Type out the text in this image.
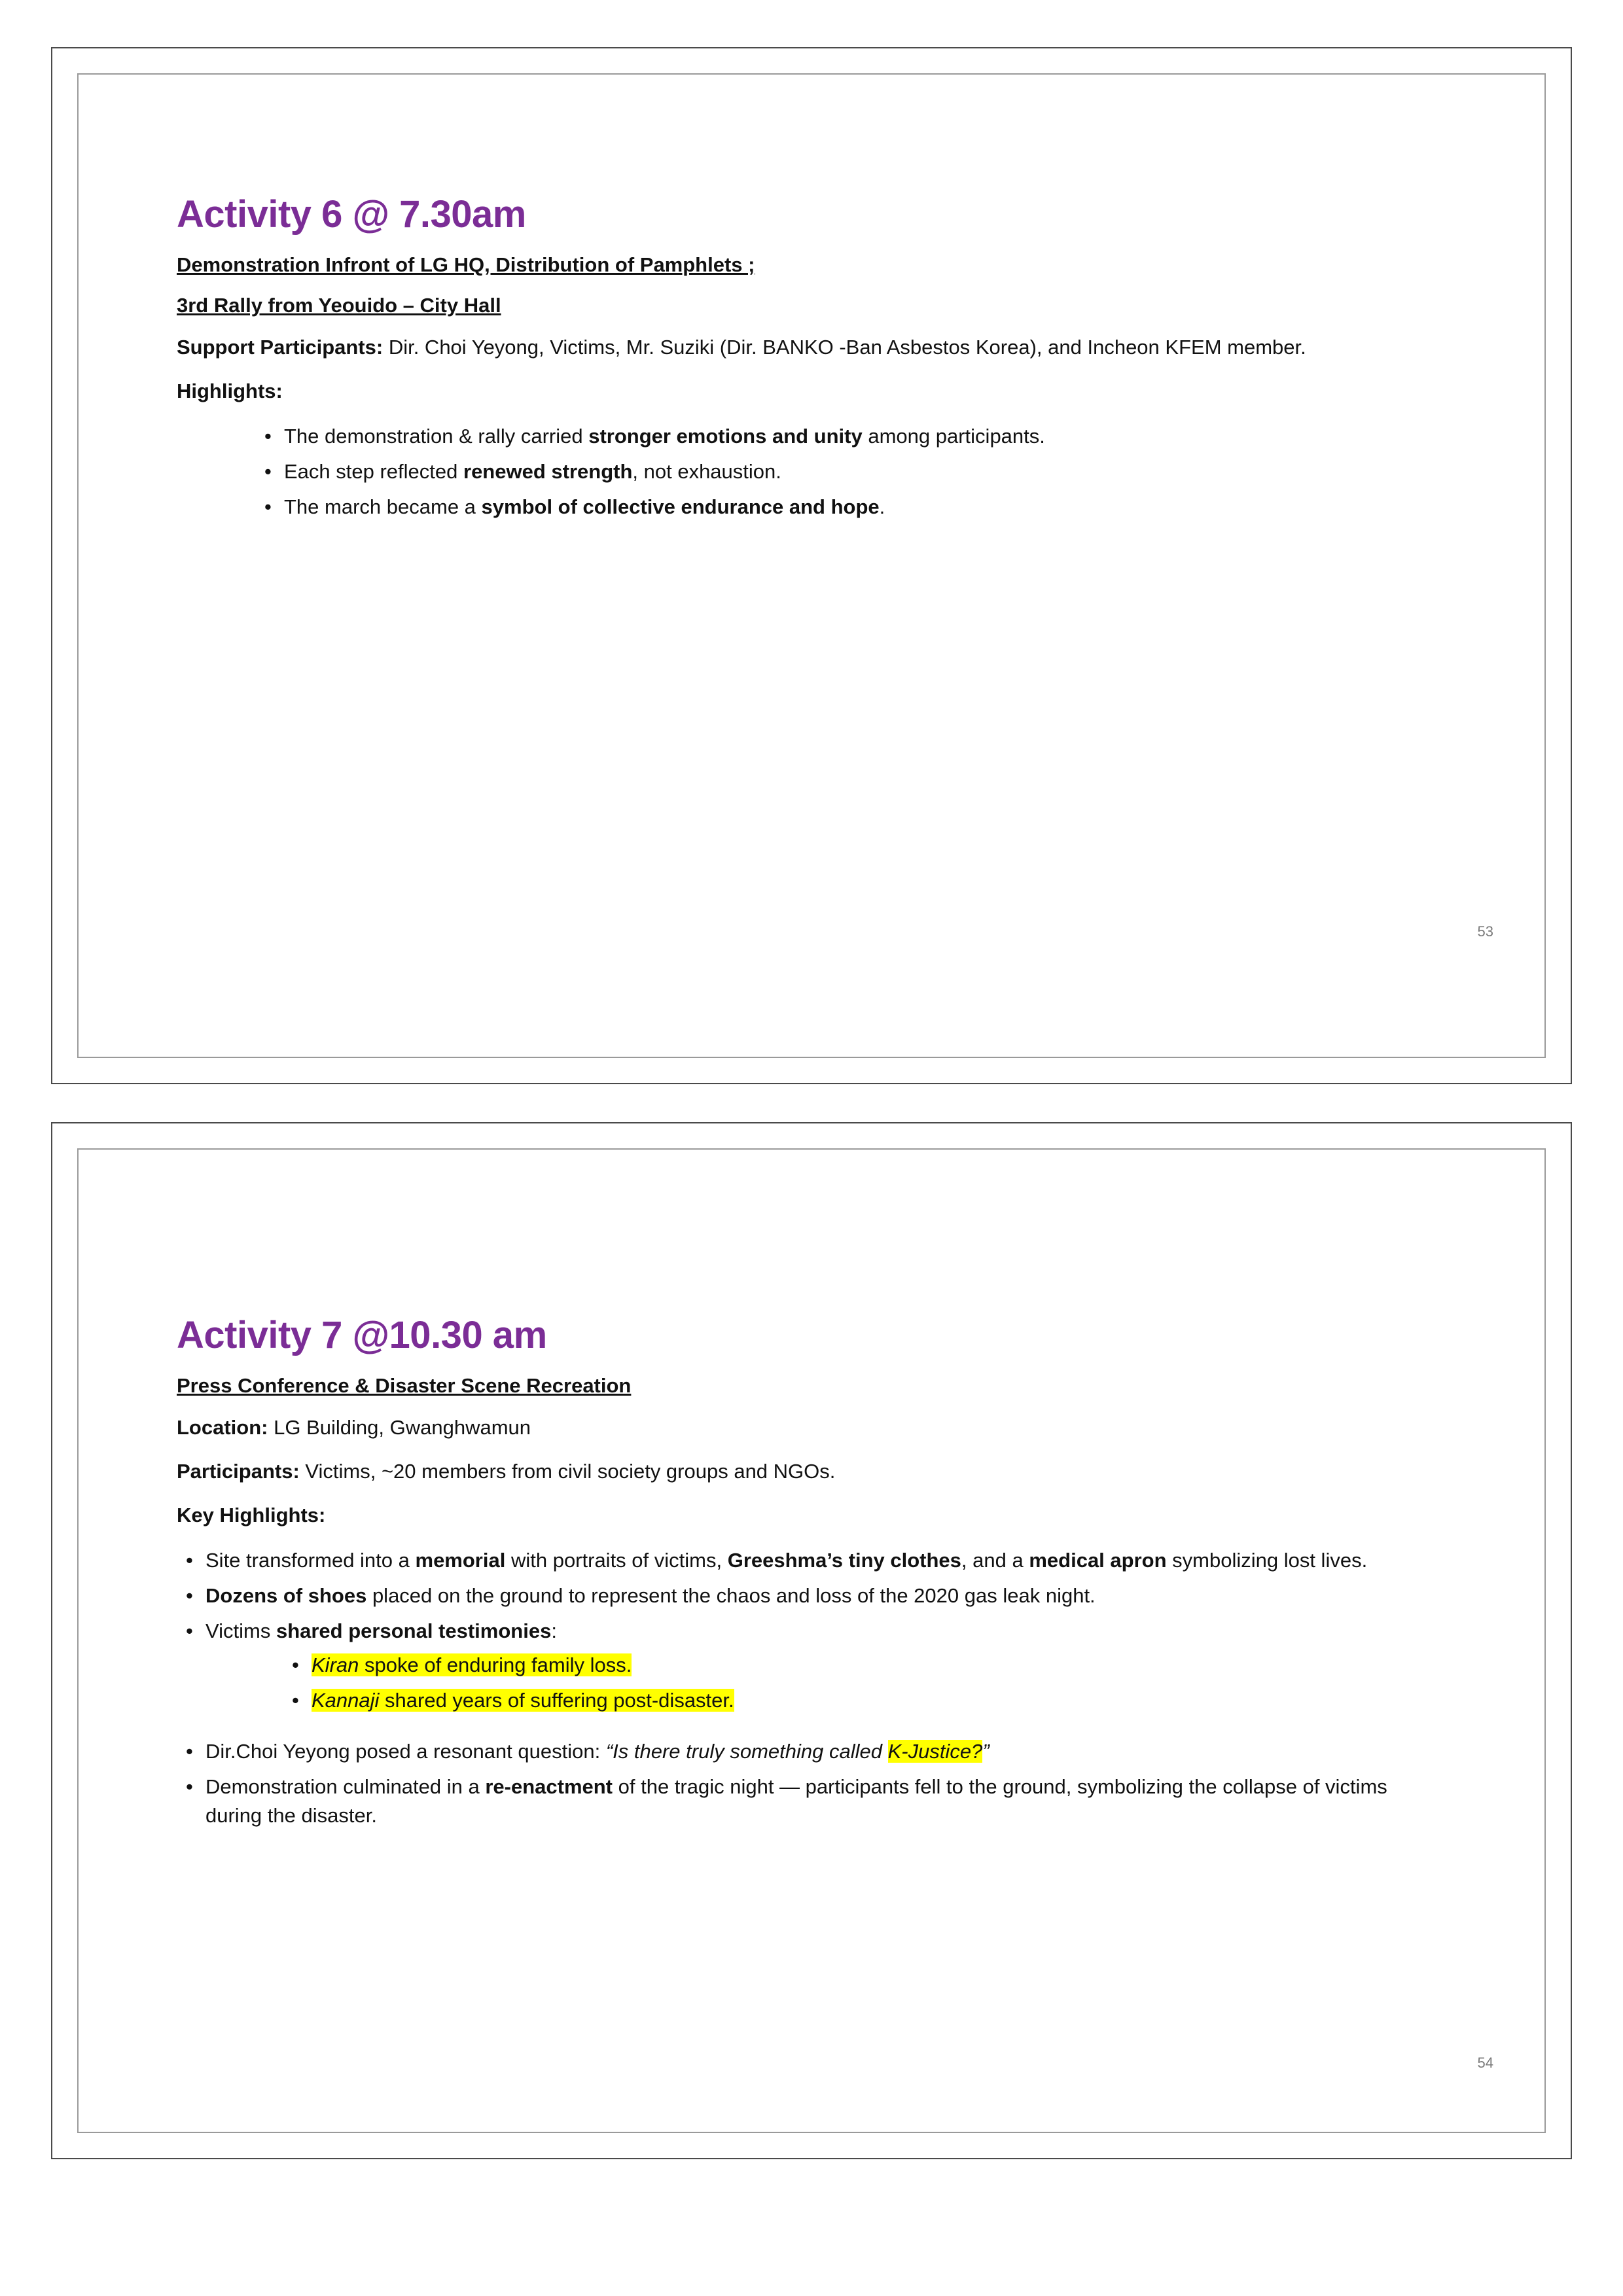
Activity 6 @ 7.30am

Demonstration Infront of LG HQ, Distribution of Pamphlets ;

3rd Rally from Yeouido – City Hall

Support Participants: Dir. Choi Yeyong, Victims, Mr. Suziki (Dir. BANKO -Ban Asbestos Korea), and Incheon KFEM member.

Highlights:

• The demonstration & rally carried stronger emotions and unity among participants.
• Each step reflected renewed strength, not exhaustion.
• The march became a symbol of collective endurance and hope.
53
Activity 7 @10.30 am

Press Conference & Disaster Scene Recreation

Location: LG Building, Gwanghwamun

Participants: Victims, ~20 members from civil society groups and NGOs.

Key Highlights:

• Site transformed into a memorial with portraits of victims, Greeshma’s tiny clothes, and a medical apron symbolizing lost lives.
• Dozens of shoes placed on the ground to represent the chaos and loss of the 2020 gas leak night.
• Victims shared personal testimonies:
• Kiran spoke of enduring family loss.
• Kannaji shared years of suffering post-disaster.
• Dir.Choi Yeyong posed a resonant question: “Is there truly something called K-Justice?”
• Demonstration culminated in a re-enactment of the tragic night — participants fell to the ground, symbolizing the collapse of victims during the disaster.
54
